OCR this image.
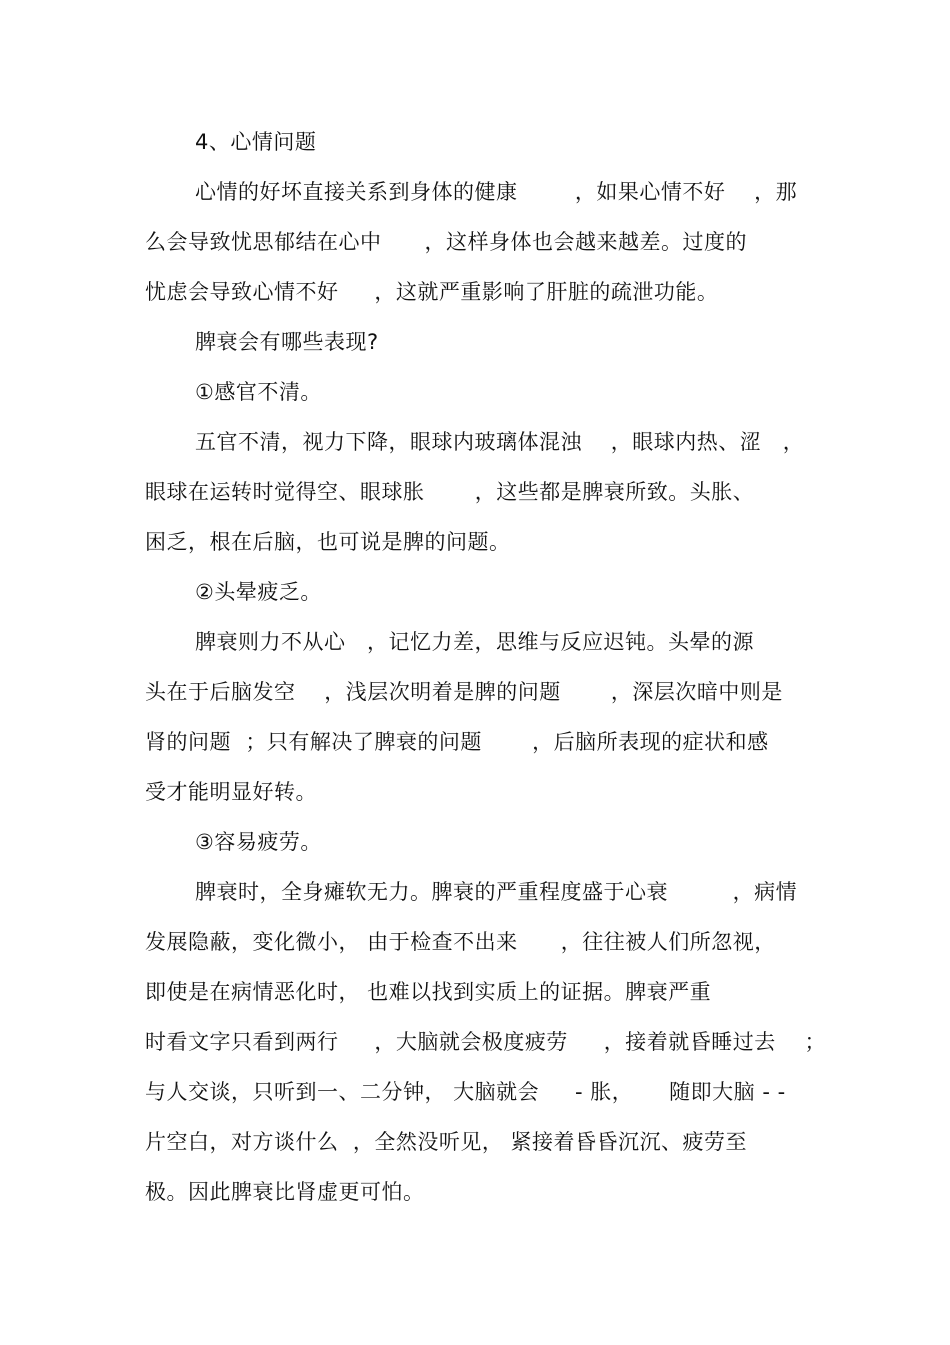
4、心情问题
心情的好坏直接关系到身体的健康        ，如果心情不好    ，那
么会导致忧思郁结在心中      ，这样身体也会越来越差。过度的
忧虑会导致心情不好     ，这就严重影响了肝脏的疏泄功能。
脾衰会有哪些表现?
①感官不清。
五官不清，视力下降，眼球内玻璃体混浊    ，眼球内热、涩   ，
眼球在运转时觉得空、眼球胀       ，这些都是脾衰所致。头胀、
困乏，根在后脑，也可说是脾的问题。
②头晕疲乏。
脾衰则力不从心   ，记忆力差，思维与反应迟钝。头晕的源
头在于后脑发空    ，浅层次明着是脾的问题       ，深层次暗中则是
肾的问题  ；只有解决了脾衰的问题       ，后脑所表现的症状和感
受才能明显好转。
③容易疲劳。
脾衰时，全身瘫软无力。脾衰的严重程度盛于心衰         ，病情
发展隐蔽，变化微小， 由于检查不出来      ，往往被人们所忽视，
即使是在病情恶化时， 也难以找到实质上的证据。脾衰严重
时看文字只看到两行     ，大脑就会极度疲劳     ，接着就昏睡过去    ；
与人交谈，只听到一、二分钟， 大脑就会     - 胀，     随即大脑 - -
片空白，对方谈什么  ，全然没听见， 紧接着昏昏沉沉、疲劳至
极。因此脾衰比肾虚更可怕。
